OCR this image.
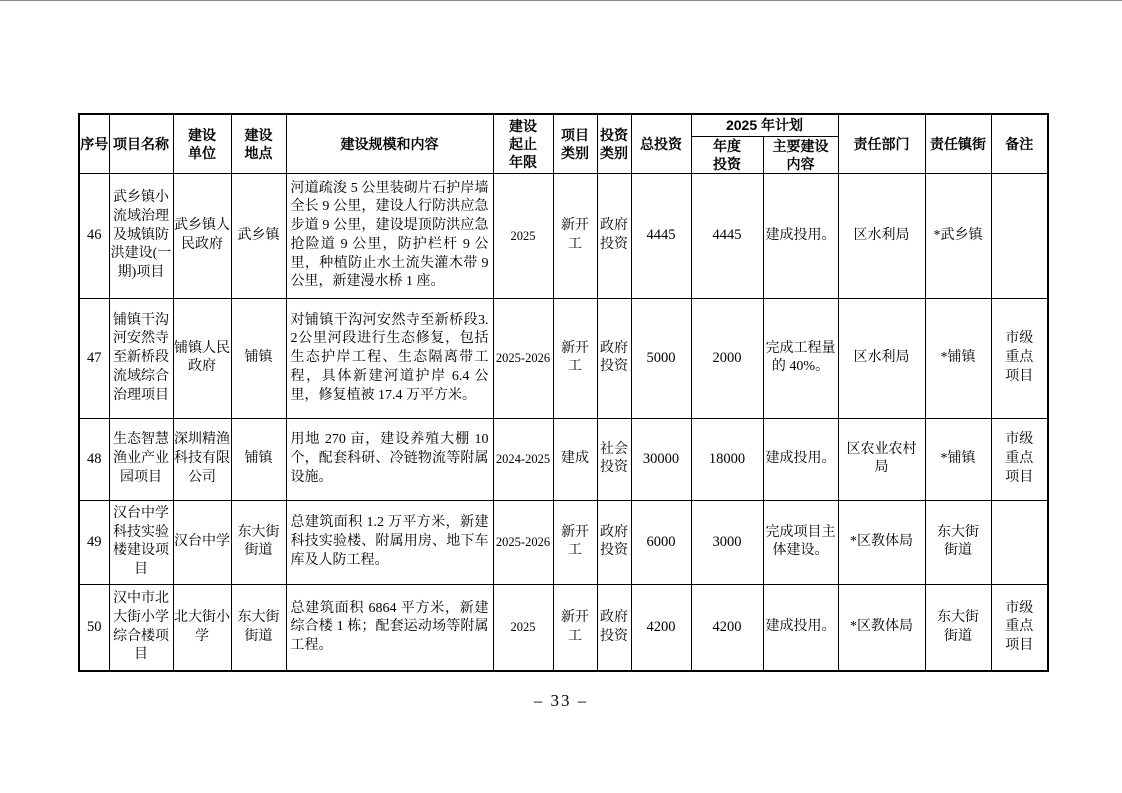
序号	项目名称	建设单位	建设地点	建设规模和内容	建设起止年限	项目类别	投资类别	总投资	2025 年计划		责任部门	责任镇街	备注
									年度投资	主要建设内容			
46	武乡镇小流域治理及城镇防洪建设(一期)项目	武乡镇人民政府	武乡镇	河道疏浚 5 公里装砌片石护岸墙全长 9 公里，建设人行防洪应急步道 9 公里，建设堤顶防洪应急抢险道 9 公里，防护栏杆 9 公里，种植防止水土流失灌木带 9 公里，新建漫水桥 1 座。	2025	新开工	政府投资	4445	4445	建成投用。	区水利局	*武乡镇	
47	铺镇干沟河安然寺至新桥段流域综合治理项目	铺镇人民政府	铺镇	对铺镇干沟河安然寺至新桥段3.2公里河段进行生态修复，包括生态护岸工程、生态隔离带工程，具体新建河道护岸 6.4 公里，修复植被 17.4 万平方米。	2025-2026	新开工	政府投资	5000	2000	完成工程量的 40%。	区水利局	*铺镇	市级重点项目
48	生态智慧渔业产业园项目	深圳精渔科技有限公司	铺镇	用地 270 亩，建设养殖大棚 10 个，配套科研、冷链物流等附属设施。	2024-2025	建成	社会投资	30000	18000	建成投用。	区农业农村局	*铺镇	市级重点项目
49	汉台中学科技实验楼建设项目	汉台中学	东大街街道	总建筑面积 1.2 万平方米，新建科技实验楼、附属用房、地下车库及人防工程。	2025-2026	新开工	政府投资	6000	3000	完成项目主体建设。	*区教体局	东大街街道	
50	汉中市北大街小学综合楼项目	北大街小学	东大街街道	总建筑面积 6864 平方米，新建综合楼 1 栋；配套运动场等附属工程。	2025	新开工	政府投资	4200	4200	建成投用。	*区教体局	东大街街道	市级重点项目
– 33 –
